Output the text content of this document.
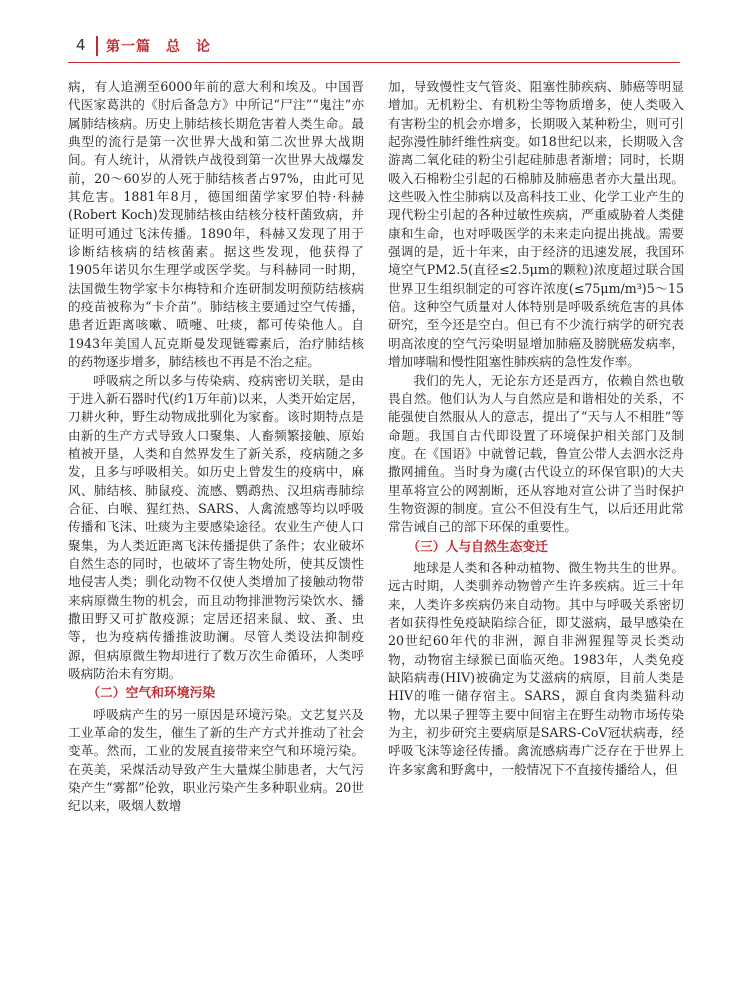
4 第一篇　总　论

病，有人追溯至6000年前的意大利和埃及。中国晋代医家葛洪的《肘后备急方》中所记“尸注”“鬼注”亦属肺结核病。历史上肺结核长期危害着人类生命。最典型的流行是第一次世界大战和第二次世界大战期间。有人统计，从滑铁卢战役到第一次世界大战爆发前，20～60岁的人死于肺结核者占97%，由此可见其危害。1881年8月，德国细菌学家罗伯特·科赫(Robert Koch)发现肺结核由结核分枝杆菌致病，并证明可通过飞沫传播。1890年，科赫又发现了用于诊断结核病的结核菌素。据这些发现，他获得了1905年诺贝尔生理学或医学奖。与科赫同一时期，法国微生物学家卡尔梅特和介连研制发明预防结核病的疫苗被称为“卡介苗”。肺结核主要通过空气传播，患者近距离咳嗽、喷嚏、吐痰，都可传染他人。自1943年美国人瓦克斯曼发现链霉素后，治疗肺结核的药物逐步增多，肺结核也不再是不治之症。

呼吸病之所以多与传染病、疫病密切关联，是由于进入新石器时代(约1万年前)以来，人类开始定居，刀耕火种，野生动物成批驯化为家畜。该时期特点是由新的生产方式导致人口聚集、人畜频繁接触、原始植被开垦，人类和自然界发生了新关系，疫病随之多发，且多与呼吸相关。如历史上曾发生的疫病中，麻风、肺结核、肺鼠疫、流感、鹦鹉热、汉坦病毒肺综合征、白喉、猩红热、SARS、人禽流感等均以呼吸传播和飞沫、吐痰为主要感染途径。农业生产使人口聚集，为人类近距离飞沫传播提供了条件；农业破坏自然生态的同时，也破坏了寄生物处所，使其反馈性地侵害人类；驯化动物不仅使人类增加了接触动物带来病原微生物的机会，而且动物排泄物污染饮水、播撒田野又可扩散疫源；定居还招来鼠、蚊、蚤、虫等，也为疫病传播推波助澜。尽管人类设法抑制疫源，但病原微生物却进行了数万次生命循环，人类呼吸病防治未有穷期。

（二）空气和环境污染

呼吸病产生的另一原因是环境污染。文艺复兴及工业革命的发生，催生了新的生产方式并推动了社会变革。然而，工业的发展直接带来空气和环境污染。在英美，采煤活动导致产生大量煤尘肺患者，大气污染产生“雾都”伦敦，职业污染产生多种职业病。20世纪以来，吸烟人数增

加，导致慢性支气管炎、阻塞性肺疾病、肺癌等明显增加。无机粉尘、有机粉尘等物质增多，使人类吸入有害粉尘的机会亦增多，长期吸入某种粉尘，则可引起弥漫性肺纤维性病变。如18世纪以来，长期吸入含游离二氧化硅的粉尘引起硅肺患者渐增；同时，长期吸入石棉粉尘引起的石棉肺及肺癌患者亦大量出现。这些吸入性尘肺病以及高科技工业、化学工业产生的现代粉尘引起的各种过敏性疾病，严重威胁着人类健康和生命，也对呼吸医学的未来走向提出挑战。需要强调的是，近十年来，由于经济的迅速发展，我国环境空气PM2.5(直径≤2.5μm的颗粒)浓度超过联合国世界卫生组织制定的可容许浓度(≤75μm/m³)5～15倍。这种空气质量对人体特别是呼吸系统危害的具体研究，至今还是空白。但已有不少流行病学的研究表明高浓度的空气污染明显增加肺癌及膀胱癌发病率，增加哮喘和慢性阻塞性肺疾病的急性发作率。

我们的先人，无论东方还是西方，依赖自然也敬畏自然。他们认为人与自然应是和谐相处的关系，不能强使自然服从人的意志，提出了“天与人不相胜”等命题。我国自古代即设置了环境保护相关部门及制度。在《国语》中就曾记载，鲁宣公带人去泗水泛舟撒网捕鱼。当时身为虞(古代设立的环保官职)的大夫里革将宣公的网割断，还从容地对宣公讲了当时保护生物资源的制度。宣公不但没有生气，以后还用此常常告诫自己的部下环保的重要性。

（三）人与自然生态变迁

地球是人类和各种动植物、微生物共生的世界。远古时期，人类驯养动物曾产生许多疾病。近三十年来，人类许多疾病仍来自动物。其中与呼吸关系密切者如获得性免疫缺陷综合征，即艾滋病，最早感染在20世纪60年代的非洲，源自非洲猩猩等灵长类动物，动物宿主绿猴已面临灭绝。1983年，人类免疫缺陷病毒(HIV)被确定为艾滋病的病原，目前人类是HIV的唯一储存宿主。SARS，源自食肉类猫科动物，尤以果子狸等主要中间宿主在野生动物市场传染为主，初步研究主要病原是SARS-CoV冠状病毒，经呼吸飞沫等途径传播。禽流感病毒广泛存在于世界上许多家禽和野禽中，一般情况下不直接传播给人，但
